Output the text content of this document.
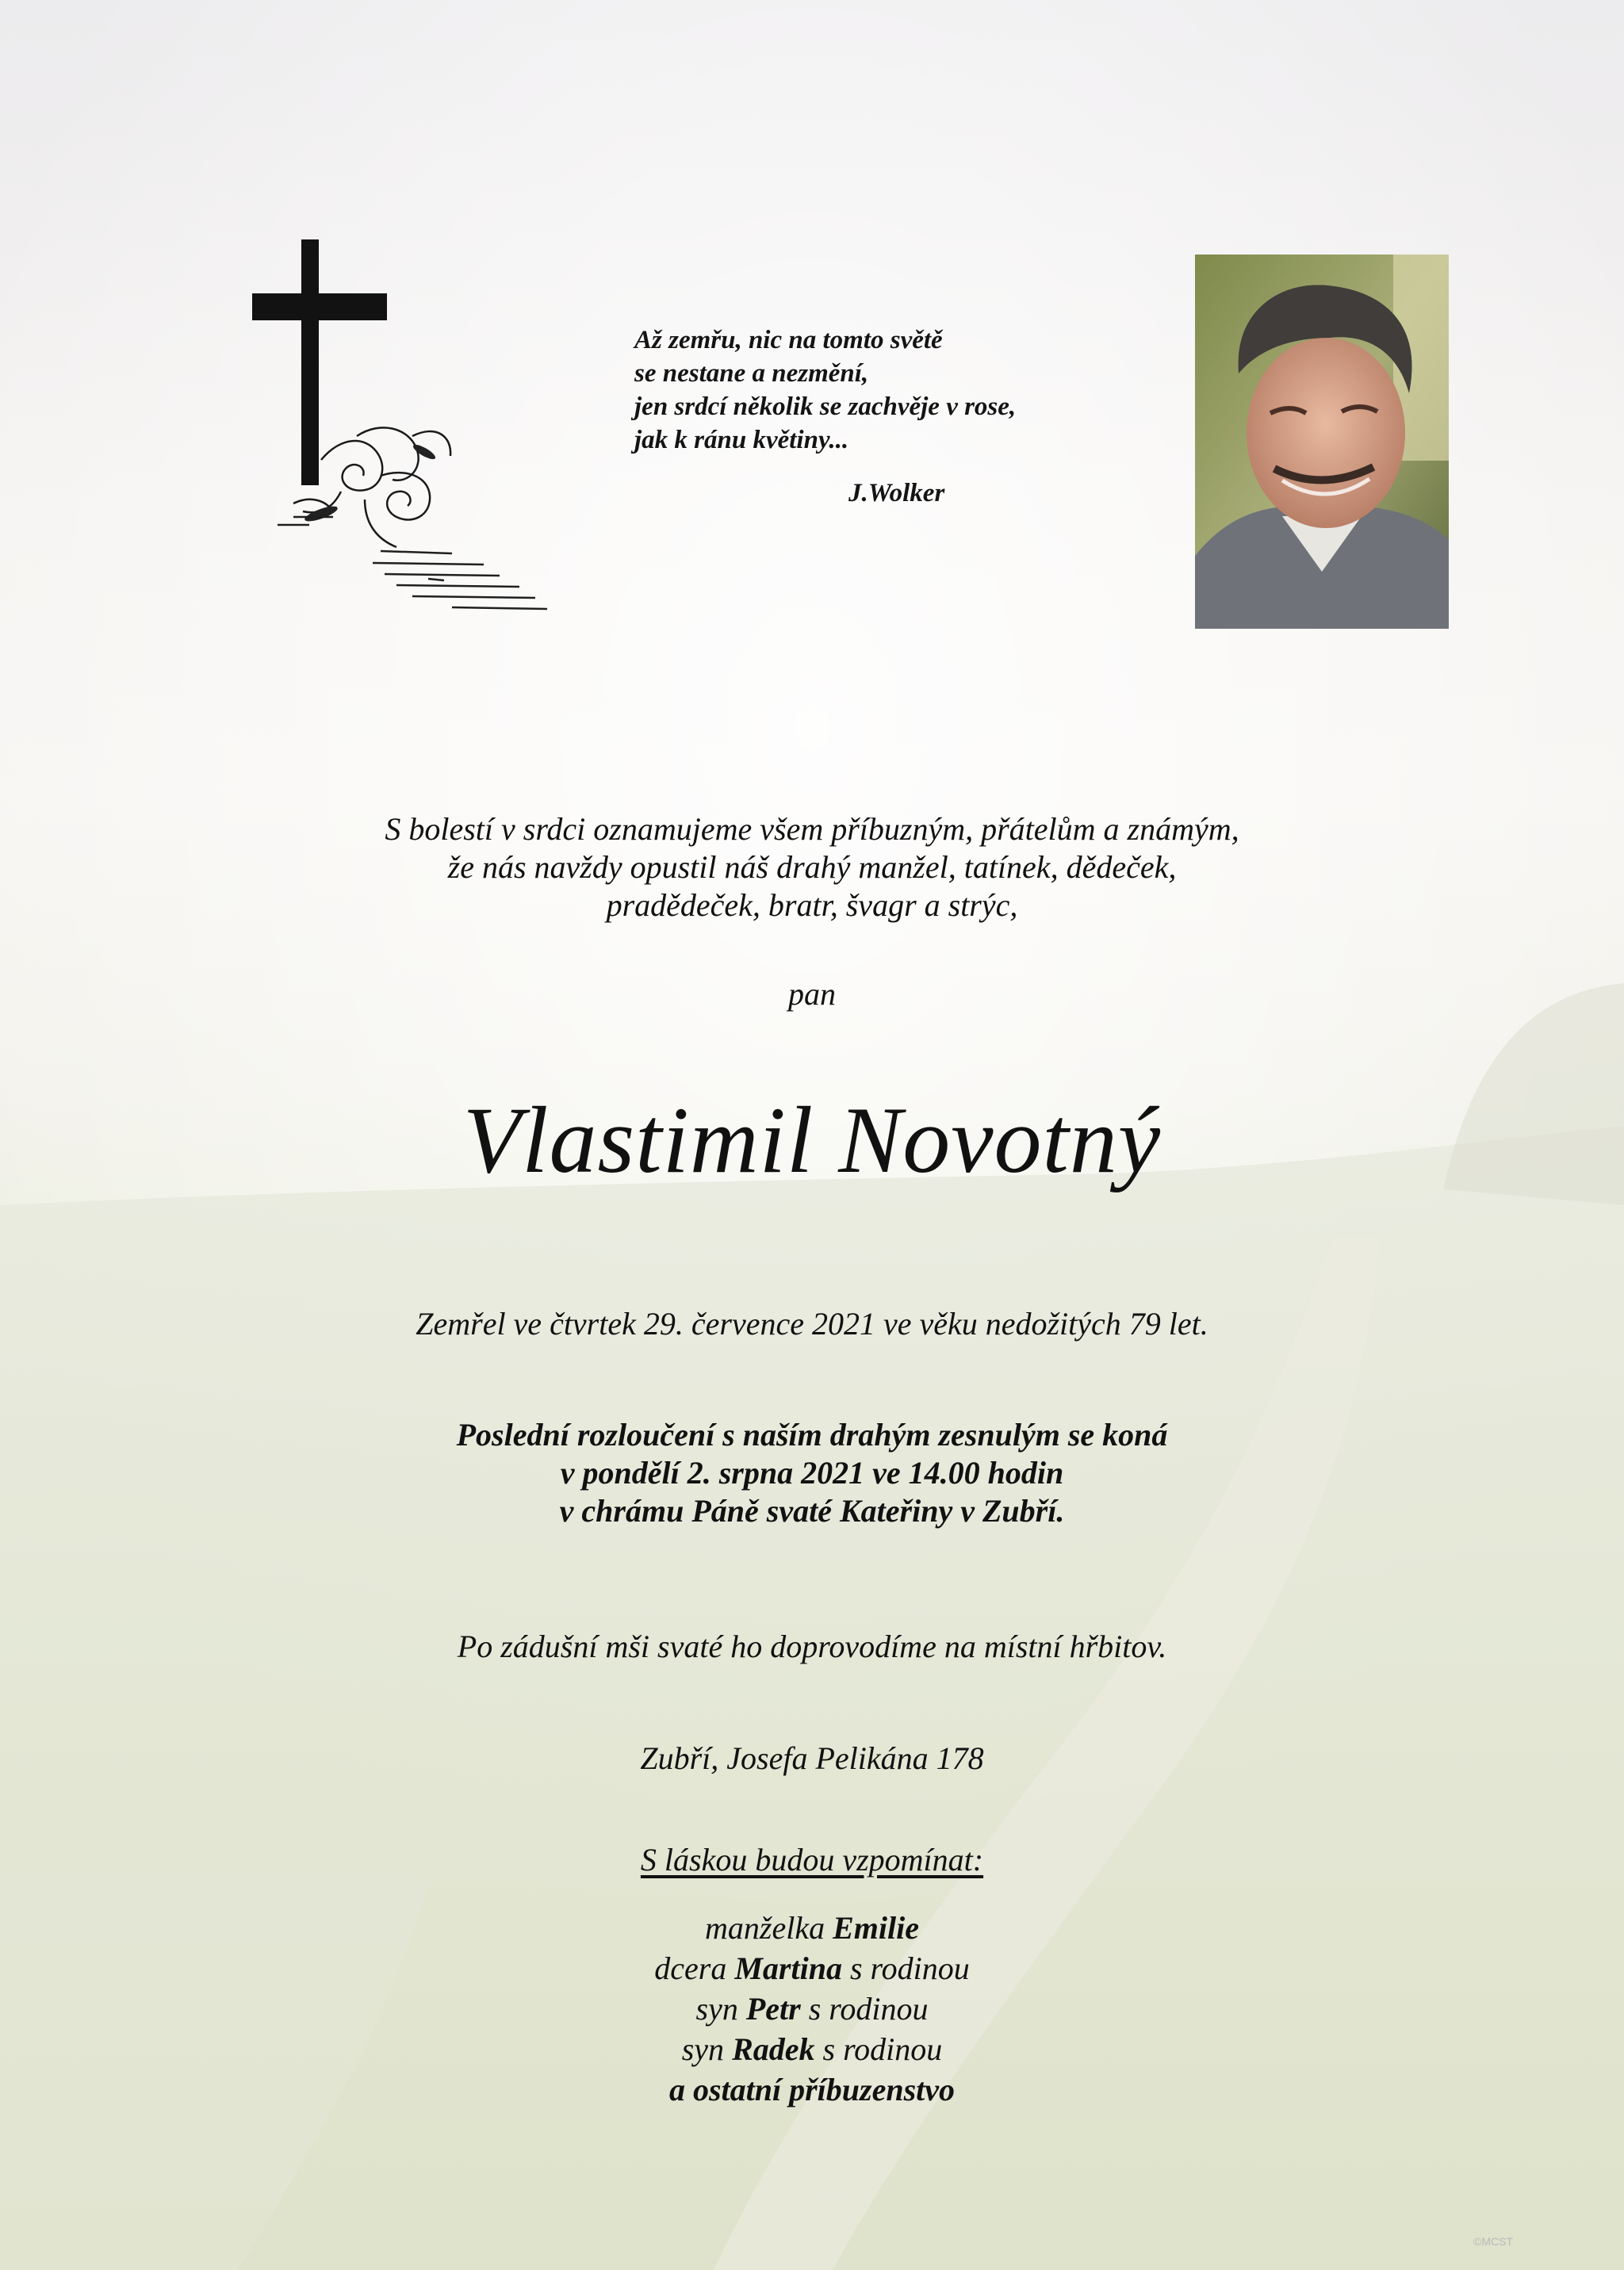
Až zemřu, nic na tomto světě
se nestane a nezmění,
jen srdcí několik se zachvěje v rose,
jak k ránu květiny...
J.Wolker
S bolestí v srdci oznamujeme všem příbuzným, přátelům a známým,
že nás navždy opustil náš drahý manžel, tatínek, dědeček,
pradědeček, bratr, švagr a strýc,
pan
Vlastimil Novotný
Zemřel ve čtvrtek 29. července 2021 ve věku nedožitých 79 let.
Poslední rozloučení s naším drahým zesnulým se koná
v pondělí 2. srpna 2021 ve 14.00 hodin
v chrámu Páně svaté Kateřiny v Zubří.
Po zádušní mši svaté ho doprovodíme na místní hřbitov.
Zubří, Josefa Pelikána 178
S láskou budou vzpomínat:
manželka Emilie
dcera Martina s rodinou
syn Petr s rodinou
syn Radek s rodinou
a ostatní příbuzenstvo
©MCST
